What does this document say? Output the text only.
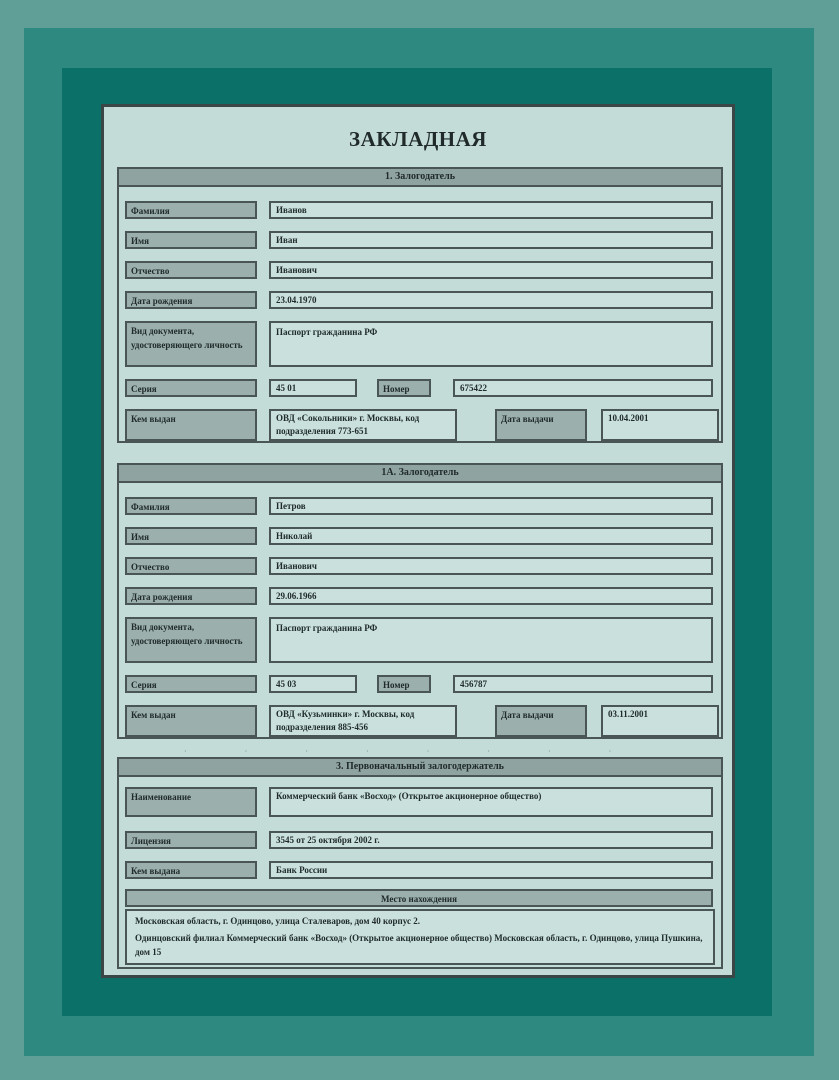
ЗАКЛАДНАЯ
1. Залогодатель
Фамилия	Иванов
Имя	Иван
Отчество	Иванович
Дата рождения	23.04.1970
Вид документа, удостоверяющего личность
Паспорт гражданина РФ
Серия	45 01	Номер	675422
Кем выдан	ОВД «Сокольники» г. Москвы, код подразделения 773-651
Дата выдачи	10.04.2001
1А. Залогодатель
Фамилия	Петров
Имя	Николай
Отчество	Иванович
Дата рождения	29.06.1966
Вид документа, удостоверяющего личность
Паспорт гражданина РФ
Серия	45 03	Номер	456787
Кем выдан	ОВД «Кузьминки» г. Москвы, код подразделения 885-456
Дата выдачи	03.11.2001
· · · · · · · ·
3. Первоначальный залогодержатель
Наименование	Коммерческий банк «Восход» (Открытое акционерное общество)
Лицензия	3545 от 25 октября 2002 г.
Кем выдана	Банк России
Место нахождения
Московская область, г. Одинцово, улица Сталеваров, дом 40 корпус 2.
Одинцовский филиал Коммерческий банк «Восход» (Открытое акционерное общество) Московская область, г. Одинцово, улица Пушкина, дом 15
